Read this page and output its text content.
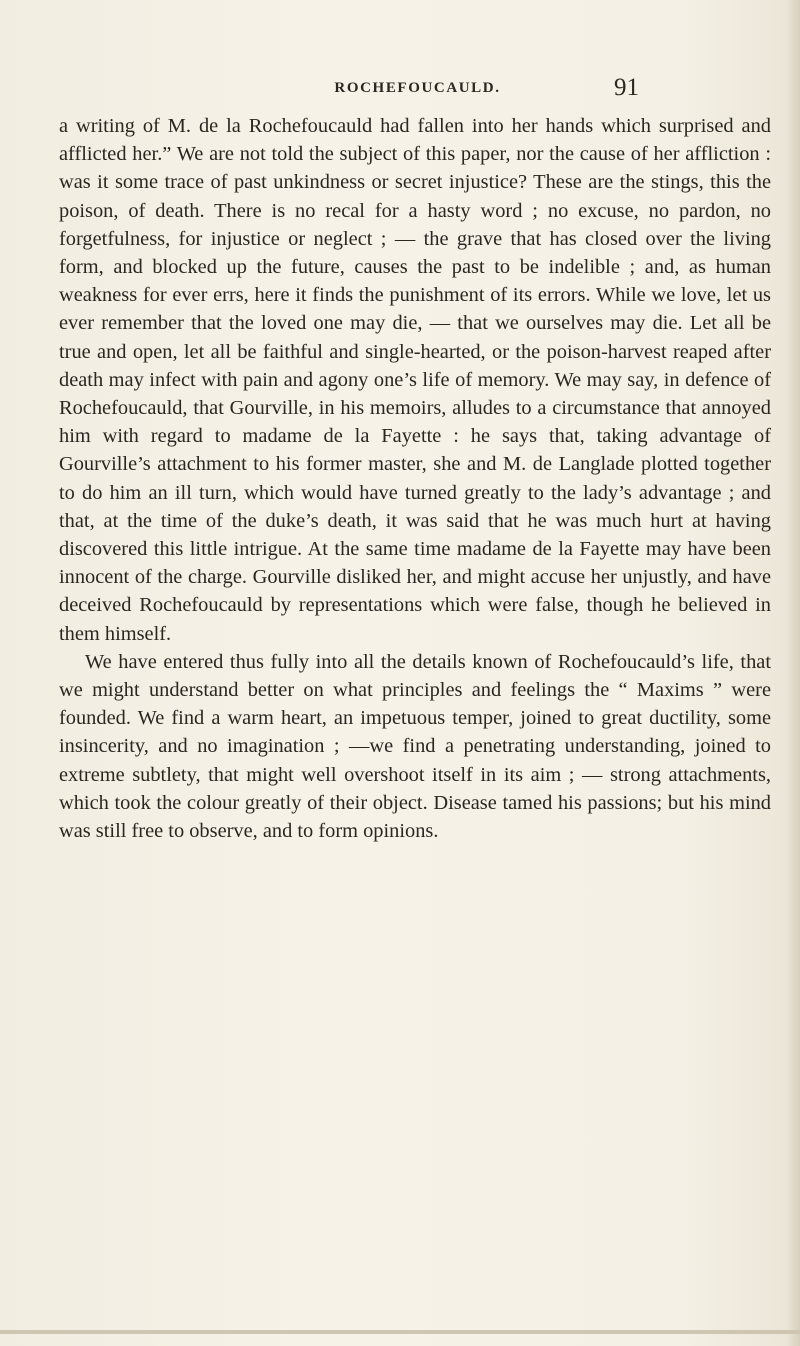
ROCHEFOUCAULD.	91

a writing of M. de la Rochefoucauld had fallen into her hands which surprised and afflicted her.” We are not told the subject of this paper, nor the cause of her affliction : was it some trace of past unkindness or secret injustice? These are the stings, this the poison, of death. There is no recal for a hasty word ; no excuse, no pardon, no forgetfulness, for injustice or neglect ; — the grave that has closed over the living form, and blocked up the future, causes the past to be indelible ; and, as human weakness for ever errs, here it finds the punishment of its errors. While we love, let us ever remember that the loved one may die, — that we ourselves may die. Let all be true and open, let all be faithful and single-hearted, or the poison-harvest reaped after death may infect with pain and agony one’s life of memory. We may say, in defence of Rochefoucauld, that Gourville, in his memoirs, alludes to a circumstance that annoyed him with regard to madame de la Fayette : he says that, taking advantage of Gourville’s attachment to his former master, she and M. de Langlade plotted together to do him an ill turn, which would have turned greatly to the lady’s advantage ; and that, at the time of the duke’s death, it was said that he was much hurt at having discovered this little intrigue. At the same time madame de la Fayette may have been innocent of the charge. Gourville disliked her, and might accuse her unjustly, and have deceived Rochefoucauld by representations which were false, though he believed in them himself.

We have entered thus fully into all the details known of Rochefoucauld’s life, that we might understand better on what principles and feelings the “ Maxims ” were founded. We find a warm heart, an impetuous temper, joined to great ductility, some insincerity, and no imagination ; —we find a penetrating understanding, joined to extreme subtlety, that might well overshoot itself in its aim ; — strong attachments, which took the colour greatly of their object. Disease tamed his passions; but his mind was still free to observe, and to form opinions.
